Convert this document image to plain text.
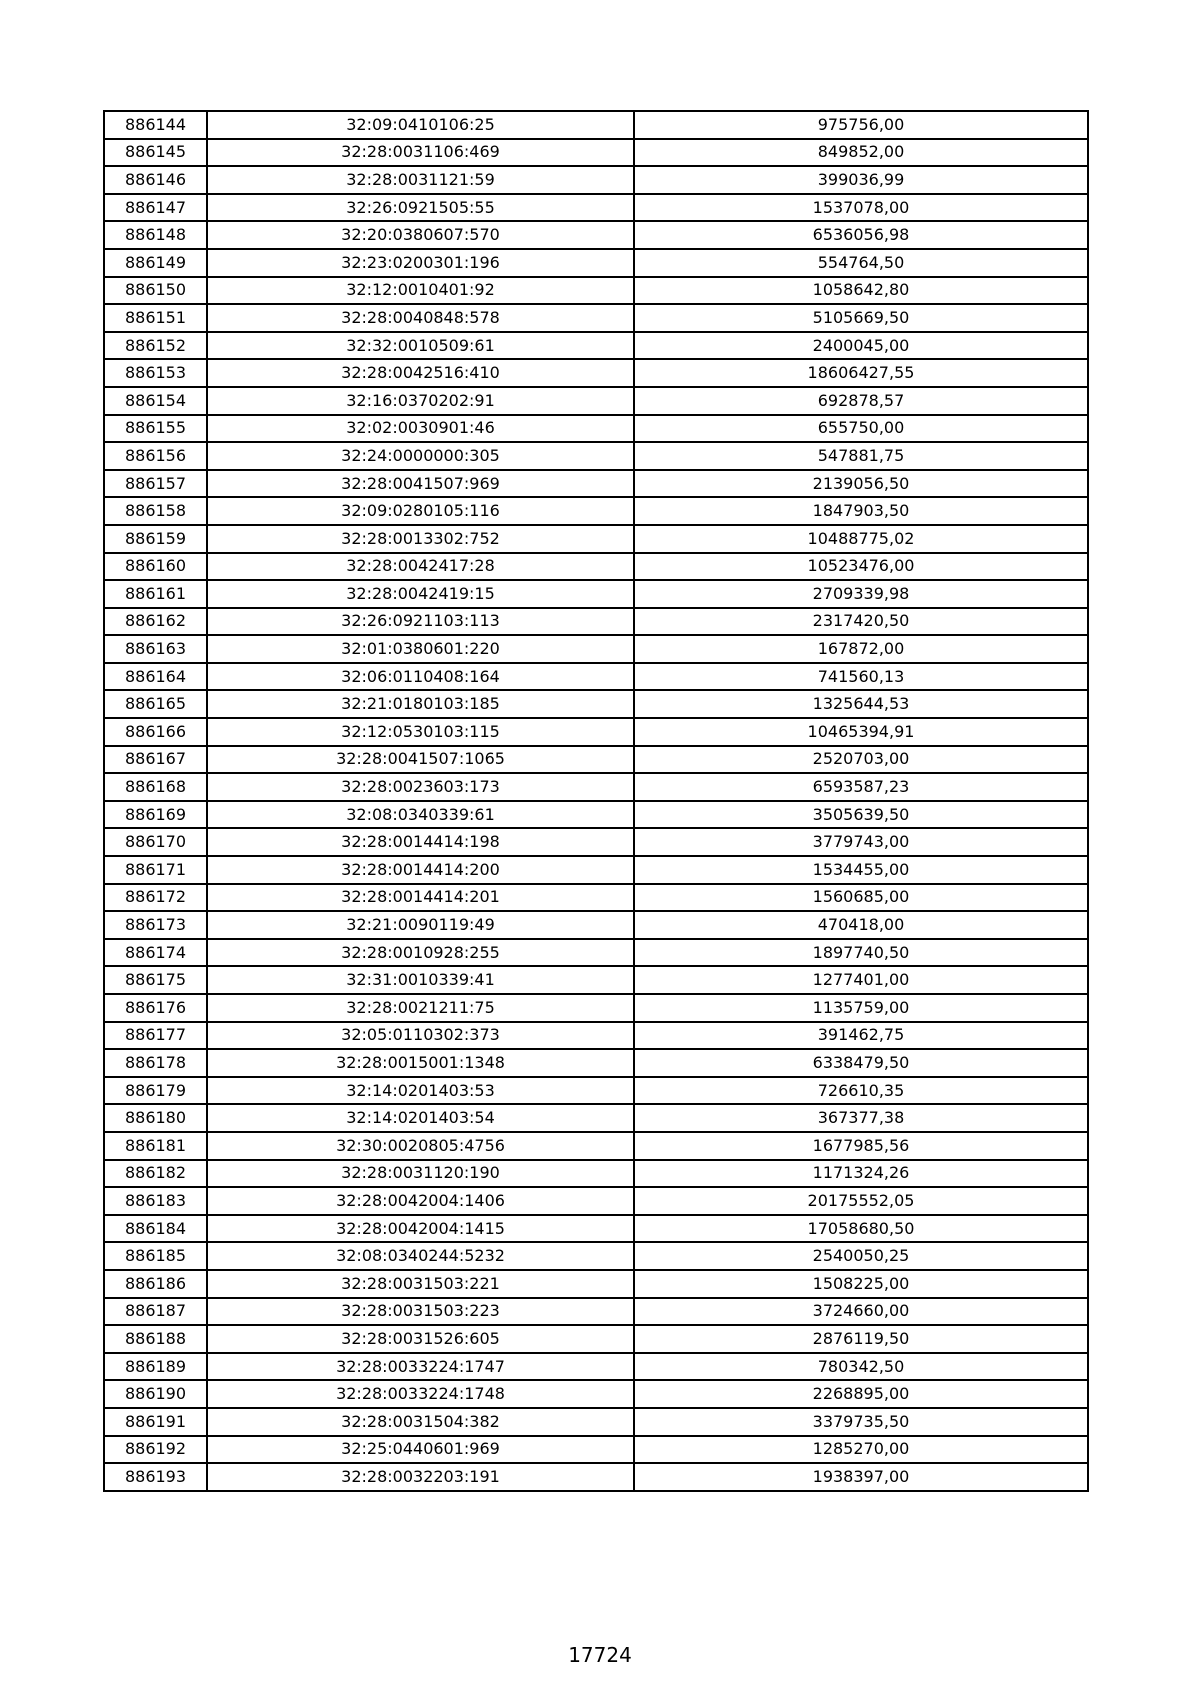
886144	32:09:0410106:25	975756,00
886145	32:28:0031106:469	849852,00
886146	32:28:0031121:59	399036,99
886147	32:26:0921505:55	1537078,00
886148	32:20:0380607:570	6536056,98
886149	32:23:0200301:196	554764,50
886150	32:12:0010401:92	1058642,80
886151	32:28:0040848:578	5105669,50
886152	32:32:0010509:61	2400045,00
886153	32:28:0042516:410	18606427,55
886154	32:16:0370202:91	692878,57
886155	32:02:0030901:46	655750,00
886156	32:24:0000000:305	547881,75
886157	32:28:0041507:969	2139056,50
886158	32:09:0280105:116	1847903,50
886159	32:28:0013302:752	10488775,02
886160	32:28:0042417:28	10523476,00
886161	32:28:0042419:15	2709339,98
886162	32:26:0921103:113	2317420,50
886163	32:01:0380601:220	167872,00
886164	32:06:0110408:164	741560,13
886165	32:21:0180103:185	1325644,53
886166	32:12:0530103:115	10465394,91
886167	32:28:0041507:1065	2520703,00
886168	32:28:0023603:173	6593587,23
886169	32:08:0340339:61	3505639,50
886170	32:28:0014414:198	3779743,00
886171	32:28:0014414:200	1534455,00
886172	32:28:0014414:201	1560685,00
886173	32:21:0090119:49	470418,00
886174	32:28:0010928:255	1897740,50
886175	32:31:0010339:41	1277401,00
886176	32:28:0021211:75	1135759,00
886177	32:05:0110302:373	391462,75
886178	32:28:0015001:1348	6338479,50
886179	32:14:0201403:53	726610,35
886180	32:14:0201403:54	367377,38
886181	32:30:0020805:4756	1677985,56
886182	32:28:0031120:190	1171324,26
886183	32:28:0042004:1406	20175552,05
886184	32:28:0042004:1415	17058680,50
886185	32:08:0340244:5232	2540050,25
886186	32:28:0031503:221	1508225,00
886187	32:28:0031503:223	3724660,00
886188	32:28:0031526:605	2876119,50
886189	32:28:0033224:1747	780342,50
886190	32:28:0033224:1748	2268895,00
886191	32:28:0031504:382	3379735,50
886192	32:25:0440601:969	1285270,00
886193	32:28:0032203:191	1938397,00
17724
